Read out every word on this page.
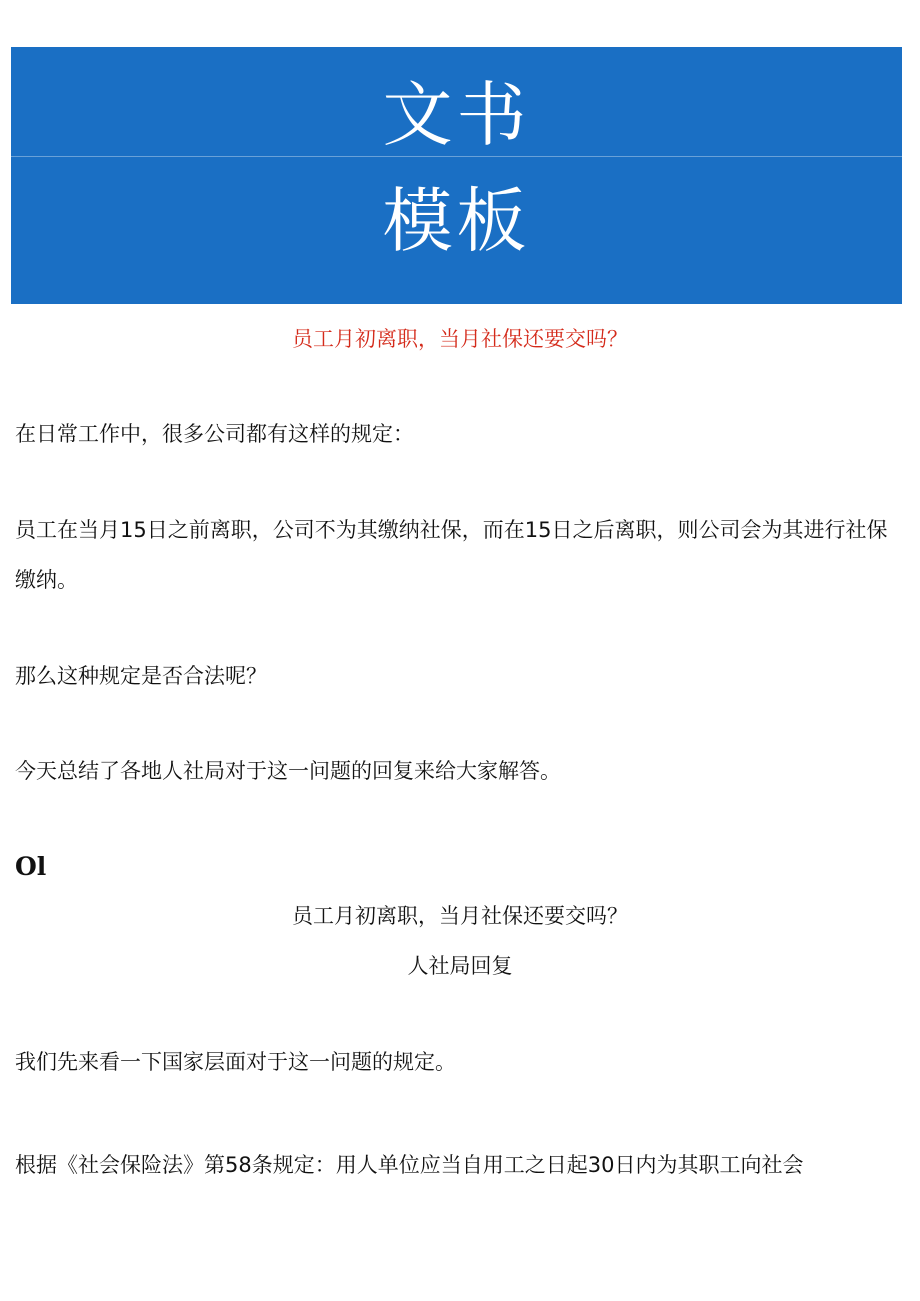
文书
模板
员工月初离职，当月社保还要交吗？
在日常工作中，很多公司都有这样的规定：
员工在当月15日之前离职，公司不为其缴纳社保，而在15日之后离职，则公司会为其进行社保缴纳。
那么这种规定是否合法呢？
今天总结了各地人社局对于这一问题的回复来给大家解答。
Ol
员工月初离职，当月社保还要交吗？
人社局回复
我们先来看一下国家层面对于这一问题的规定。
根据《社会保险法》第58条规定：用人单位应当自用工之日起30日内为其职工向社会
